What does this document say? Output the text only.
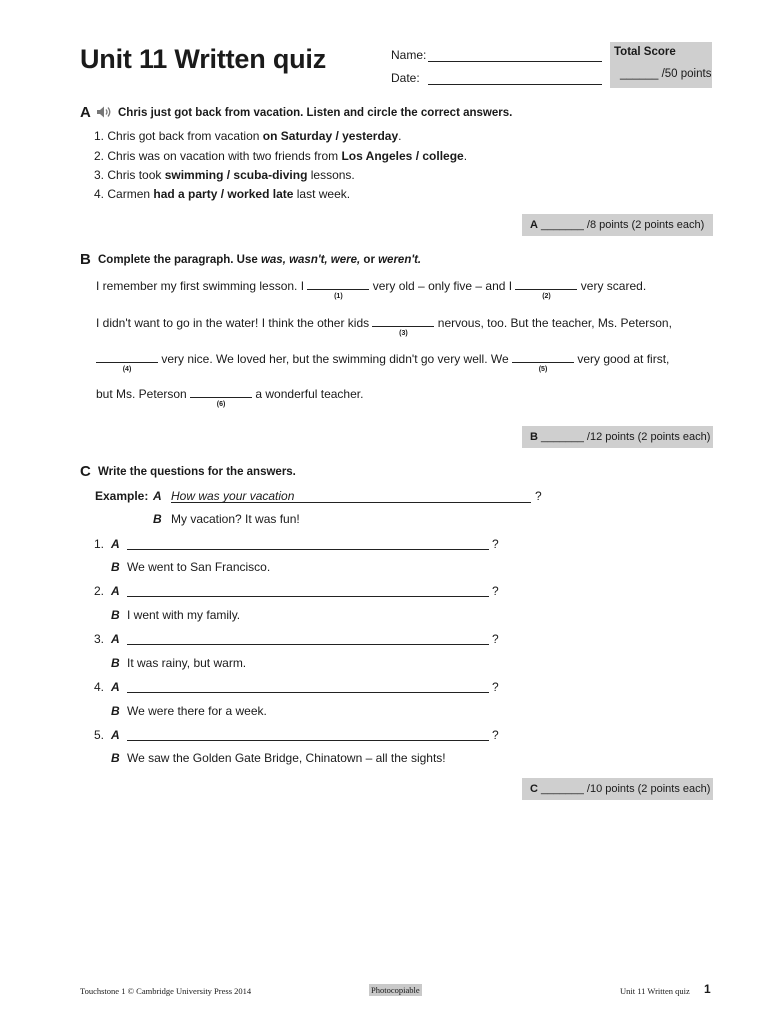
Unit 11 Written quiz	Name:
Date:
Total Score
______ /50 points
A Chris just got back from vacation. Listen and circle the correct answers.
1. Chris got back from vacation on Saturday / yesterday.
2. Chris was on vacation with two friends from Los Angeles / college.
3. Chris took swimming / scuba-diving lessons.
4. Carmen had a party / worked late last week.
A _______ /8 points (2 points each)
B Complete the paragraph. Use was, wasn't, were, or weren't.
I remember my first swimming lesson. I
(1)
very old – only five – and I
(2)
very scared.
I didn't want to go in the water! I think the other kids
(3)
nervous, too. But the teacher, Ms. Peterson,
(4)
very nice. We loved her, but the swimming didn't go very well. We
(5)
very good at first,
but Ms. Peterson
(6)
a wonderful teacher.
B _______ /12 points (2 points each)
C Write the questions for the answers.
Example: A How was your vacation	?
B My vacation? It was fun!
1. A	?
B We went to San Francisco.
2. A	?
B I went with my family.
3. A	?
B It was rainy, but warm.
4. A	?
B We were there for a week.
5. A	?
B We saw the Golden Gate Bridge, Chinatown – all the sights!
C _______ /10 points (2 points each)
Touchstone 1 © Cambridge University Press 2014	Photocopiable	Unit 11 Written quiz 1
